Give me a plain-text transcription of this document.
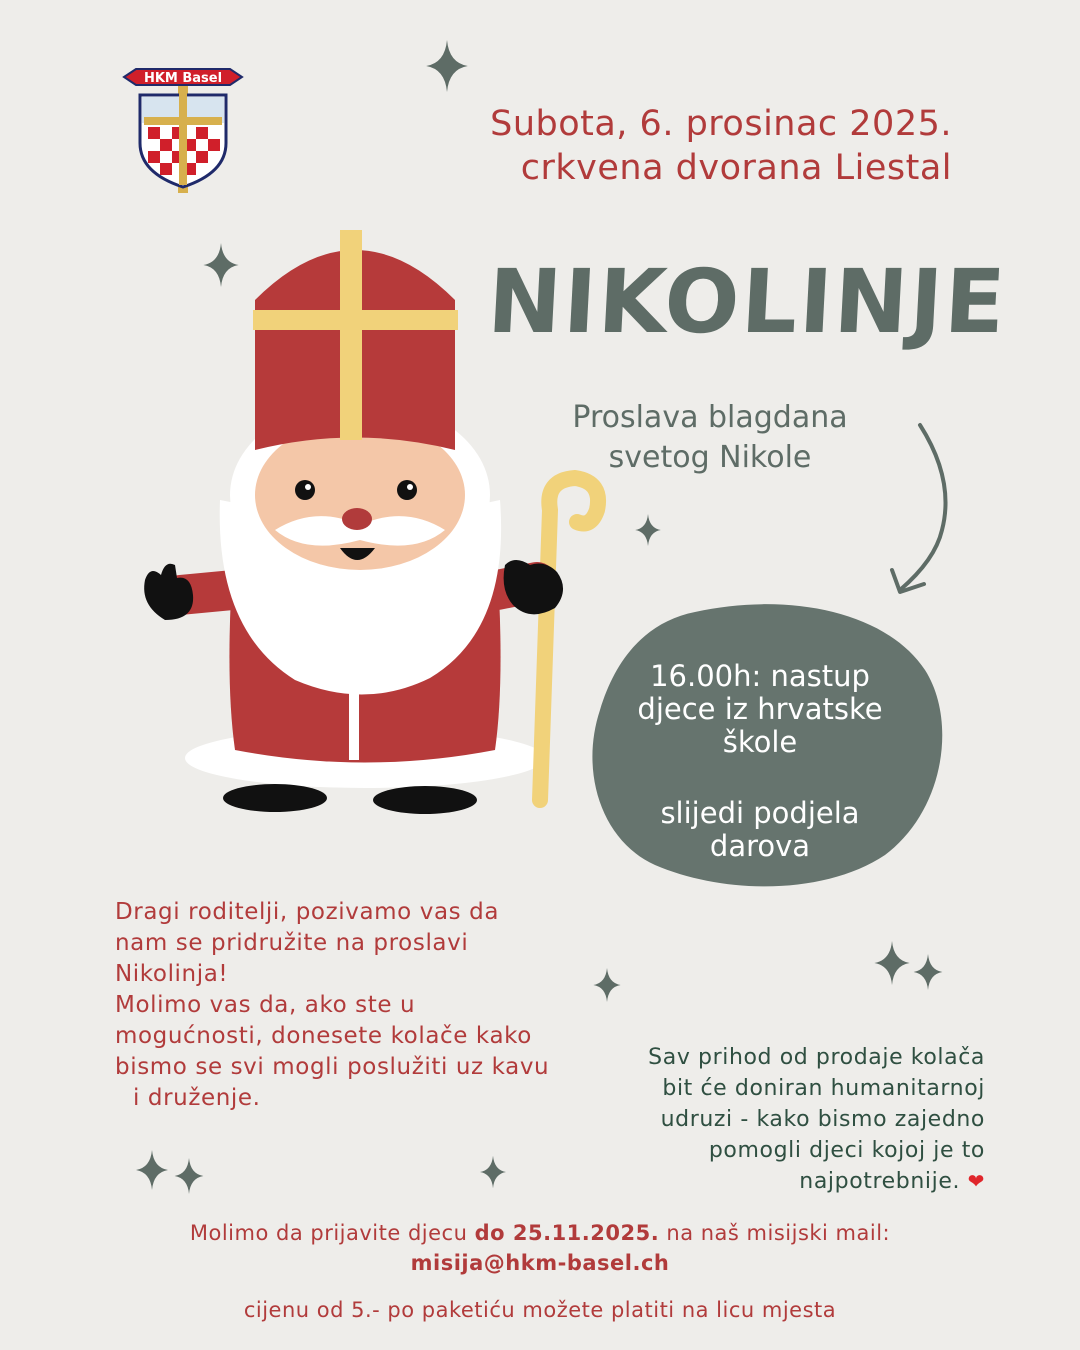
HKM Basel
Subota, 6. prosinac 2025.
crkvena dvorana Liestal
NIKOLINJE
Proslava blagdana
svetog Nikole
16.00h: nastup
djece iz hrvatske
škole
slijedi podjela
darova
Dragi roditelji, pozivamo vas da
nam se pridružite na proslavi
Nikolinja!
Molimo vas da, ako ste u
mogućnosti, donesete kolače kako
bismo se svi mogli poslužiti uz kavu
i druženje.
Sav prihod od prodaje kolača
bit će doniran humanitarnoj
udruzi - kako bismo zajedno
pomogli djeci kojoj je to
najpotrebnije. ❤
Molimo da prijavite djecu do 25.11.2025. na naš misijski mail:
misija@hkm-basel.ch
cijenu od 5.- po paketiću možete platiti na licu mjesta
